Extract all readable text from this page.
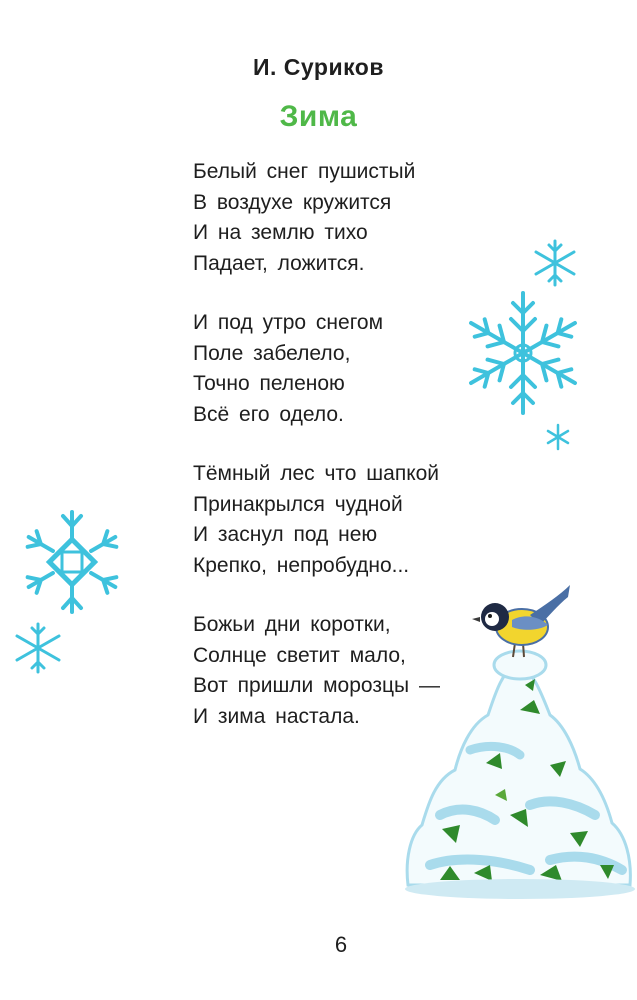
И. Суриков
Зима
Белый снег пушистый
В воздухе кружится
И на землю тихо
Падает, ложится.
И под утро снегом
Поле забелело,
Точно пеленою
Всё его одело.
Тёмный лес что шапкой
Принакрылся чудной
И заснул под нею
Крепко, непробудно...
Божьи дни коротки,
Солнце светит мало,
Вот пришли морозцы —
И зима настала.
6
